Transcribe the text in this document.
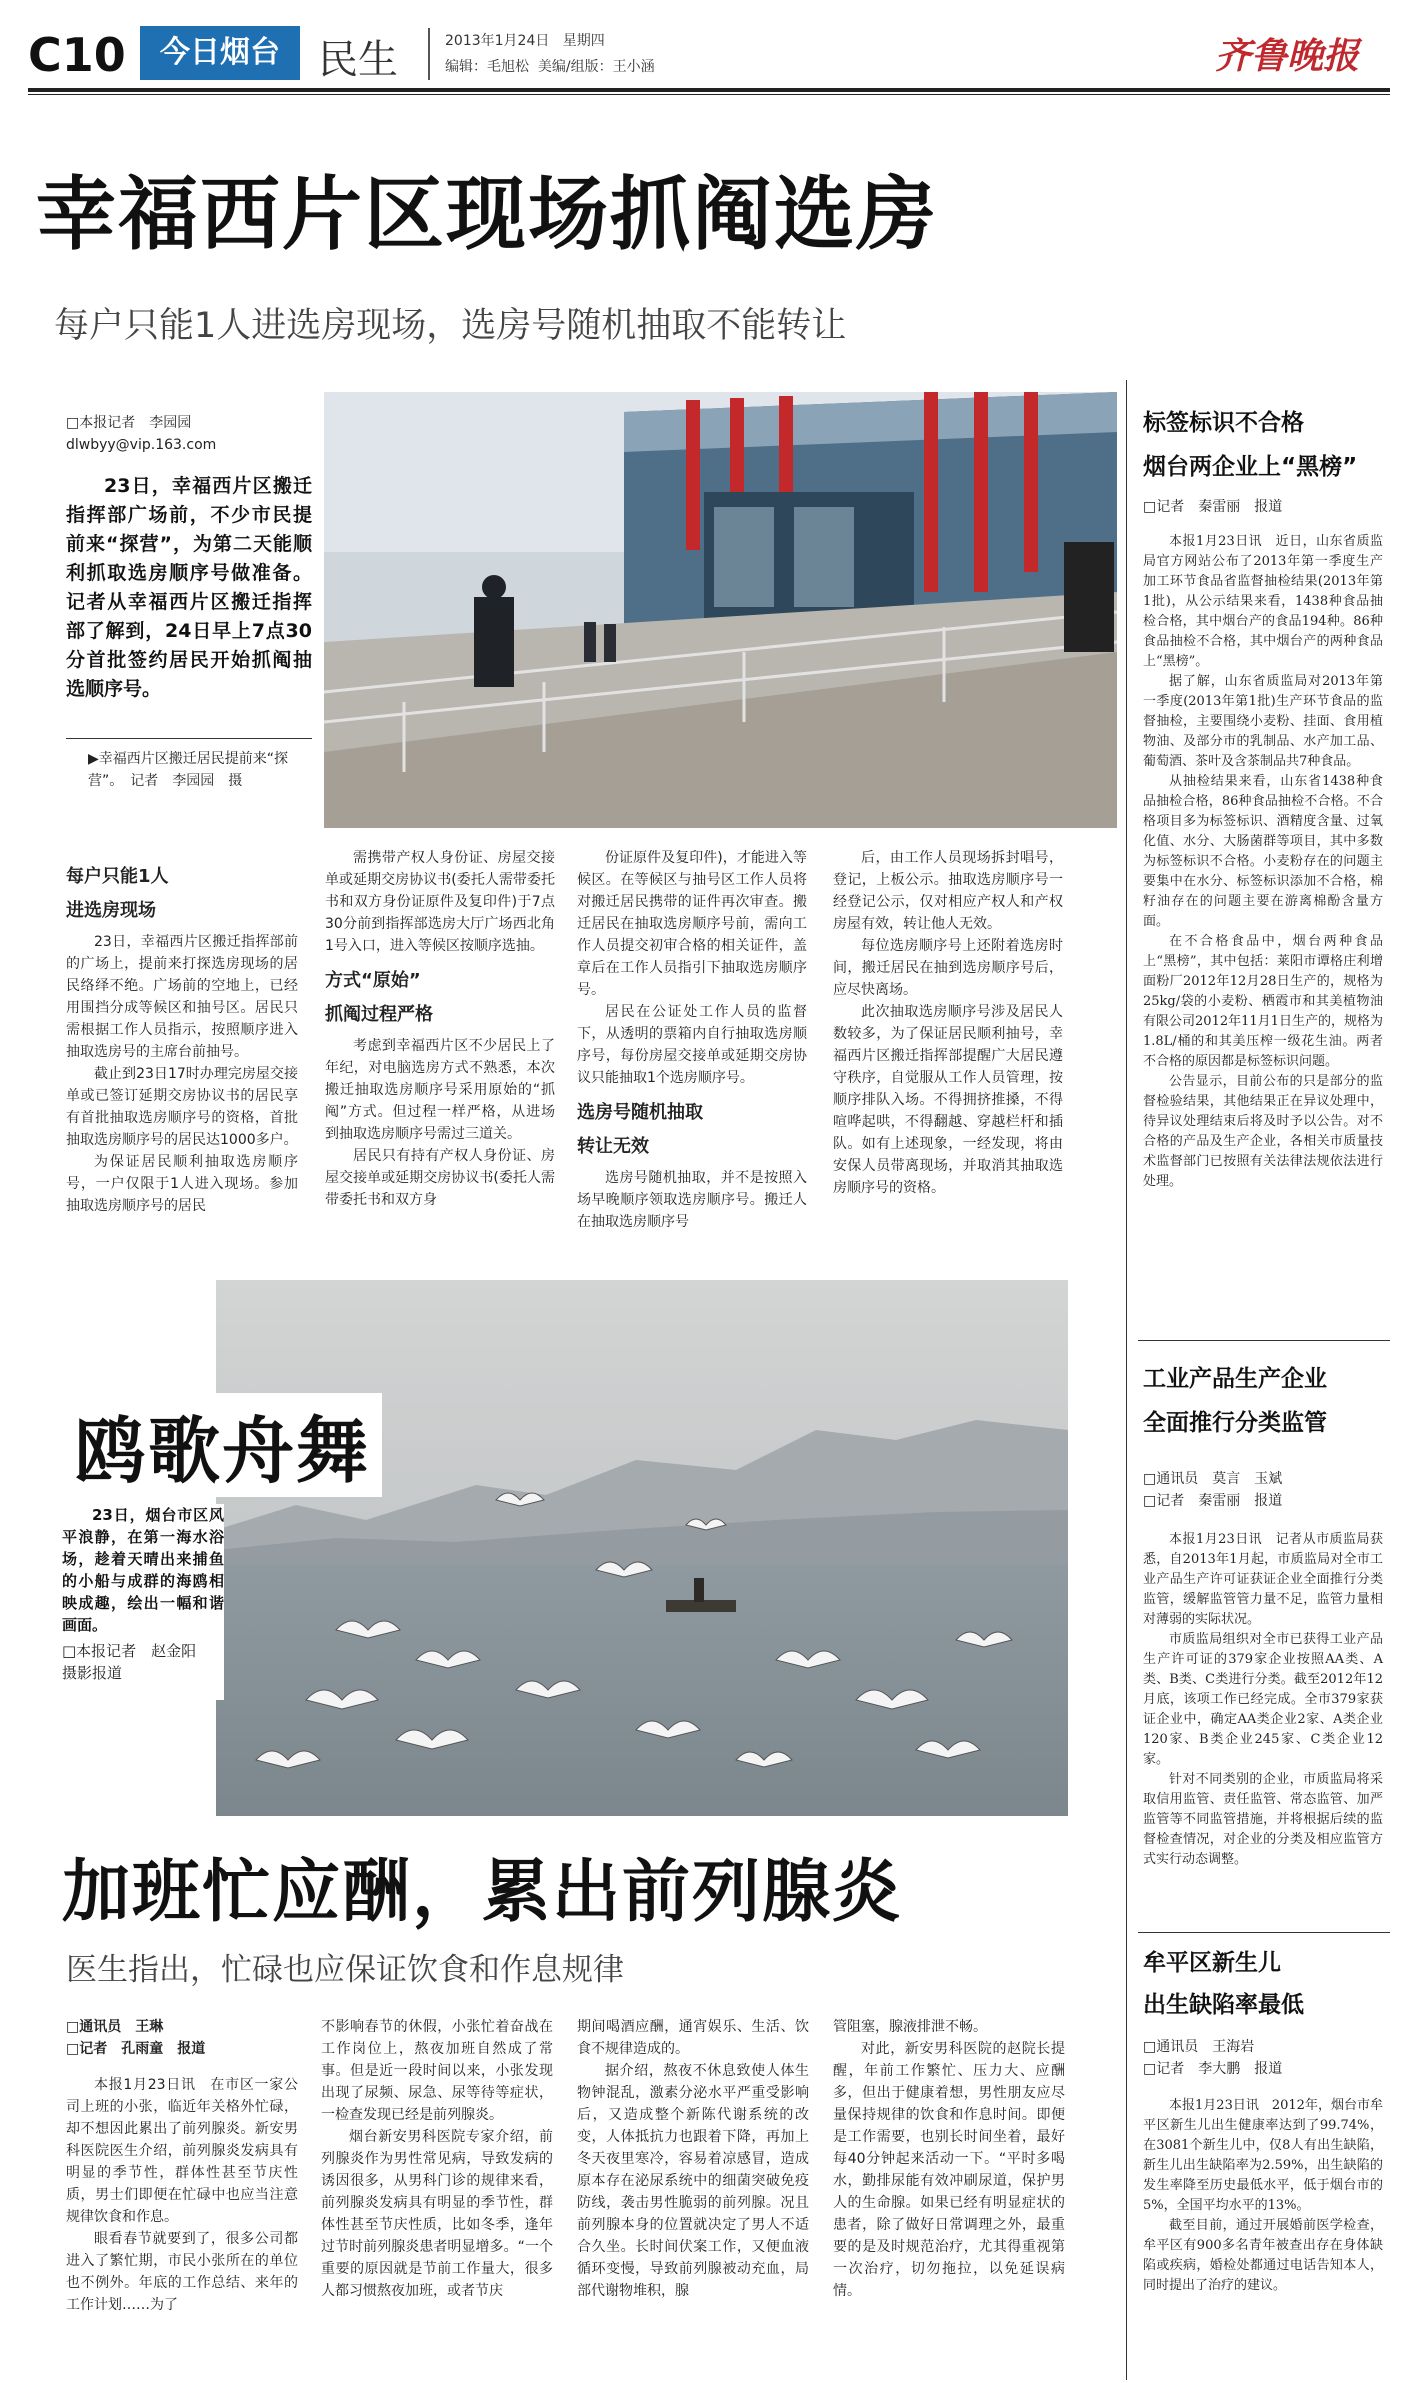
C10	今日烟台 民生	2013年1月24日 星期四
编辑：毛旭松 美编/组版：王小涵	齐鲁晚报
幸福西片区现场抓阄选房
每户只能1人进选房现场，选房号随机抽取不能转让
□本报记者　李园园
dlwbyy@vip.163.com
23日，幸福西片区搬迁指挥部广场前，不少市民提前来“探营”，为第二天能顺利抓取选房顺序号做准备。记者从幸福西片区搬迁指挥部了解到，24日早上7点30分首批签约居民开始抓阄抽选顺序号。
▶幸福西片区搬迁居民提前来“探营”。　记者　李园园　摄
每户只能1人
进选房现场

23日，幸福西片区搬迁指挥部前的广场上，提前来打探选房现场的居民络绎不绝。广场前的空地上，已经用围挡分成等候区和抽号区。居民只需根据工作人员指示，按照顺序进入抽取选房号的主席台前抽号。

截止到23日17时办理完房屋交接单或已签订延期交房协议书的居民享有首批抽取选房顺序号的资格，首批抽取选房顺序号的居民达1000多户。

为保证居民顺利抽取选房顺序号，一户仅限于1人进入现场。参加抽取选房顺序号的居民

需携带产权人身份证、房屋交接单或延期交房协议书(委托人需带委托书和双方身份证原件及复印件)于7点30分前到指挥部选房大厅广场西北角1号入口，进入等候区按顺序选抽。

方式“原始”
抓阄过程严格

考虑到幸福西片区不少居民上了年纪，对电脑选房方式不熟悉，本次搬迁抽取选房顺序号采用原始的“抓阄”方式。但过程一样严格，从进场到抽取选房顺序号需过三道关。

居民只有持有产权人身份证、房屋交接单或延期交房协议书(委托人需带委托书和双方身

份证原件及复印件)，才能进入等候区。在等候区与抽号区工作人员将对搬迁居民携带的证件再次审查。搬迁居民在抽取选房顺序号前，需向工作人员提交初审合格的相关证件，盖章后在工作人员指引下抽取选房顺序号。

居民在公证处工作人员的监督下，从透明的票箱内自行抽取选房顺序号，每份房屋交接单或延期交房协议只能抽取1个选房顺序号。

选房号随机抽取
转让无效

选房号随机抽取，并不是按照入场早晚顺序领取选房顺序号。搬迁人在抽取选房顺序号

后，由工作人员现场拆封唱号，登记，上板公示。抽取选房顺序号一经登记公示，仅对相应产权人和产权房屋有效，转让他人无效。

每位选房顺序号上还附着选房时间，搬迁居民在抽到选房顺序号后，应尽快离场。

此次抽取选房顺序号涉及居民人数较多，为了保证居民顺利抽号，幸福西片区搬迁指挥部提醒广大居民遵守秩序，自觉服从工作人员管理，按顺序排队入场。不得拥挤推搡，不得喧哗起哄，不得翻越、穿越栏杆和插队。如有上述现象，一经发现，将由安保人员带离现场，并取消其抽取选房顺序号的资格。

鸥歌舟舞
23日，烟台市区风平浪静，在第一海水浴场，趁着天晴出来捕鱼的小船与成群的海鸥相映成趣，绘出一幅和谐画面。
□本报记者　赵金阳　摄影报道
加班忙应酬，累出前列腺炎
医生指出，忙碌也应保证饮食和作息规律
□通讯员　王琳
□记者　孔雨童　报道

本报1月23日讯　在市区一家公司上班的小张，临近年关格外忙碌，却不想因此累出了前列腺炎。新安男科医院医生介绍，前列腺炎发病具有明显的季节性，群体性甚至节庆性质，男士们即便在忙碌中也应当注意规律饮食和作息。

眼看春节就要到了，很多公司都进入了繁忙期，市民小张所在的单位也不例外。年底的工作总结、来年的工作计划……为了

不影响春节的休假，小张忙着奋战在工作岗位上，熬夜加班自然成了常事。但是近一段时间以来，小张发现出现了尿频、尿急、尿等待等症状，一检查发现已经是前列腺炎。

烟台新安男科医院专家介绍，前列腺炎作为男性常见病，导致发病的诱因很多，从男科门诊的规律来看，前列腺炎发病具有明显的季节性，群体性甚至节庆性质，比如冬季，逢年过节时前列腺炎患者明显增多。“一个重要的原因就是节前工作量大，很多人都习惯熬夜加班，或者节庆

期间喝酒应酬，通宵娱乐、生活、饮食不规律造成的。

据介绍，熬夜不休息致使人体生物钟混乱，激素分泌水平严重受影响后，又造成整个新陈代谢系统的改变，人体抵抗力也跟着下降，再加上冬天夜里寒冷，容易着凉感冒，造成原本存在泌尿系统中的细菌突破免疫防线，袭击男性脆弱的前列腺。况且前列腺本身的位置就决定了男人不适合久坐。长时间伏案工作，又便血液循环变慢，导致前列腺被动充血，局部代谢物堆积，腺

管阻塞，腺液排泄不畅。

对此，新安男科医院的赵院长提醒，年前工作繁忙、压力大、应酬多，但出于健康着想，男性朋友应尽量保持规律的饮食和作息时间。即便是工作需要，也别长时间坐着，最好每40分钟起来活动一下。“平时多喝水，勤排尿能有效冲刷尿道，保护男人的生命腺。如果已经有明显症状的患者，除了做好日常调理之外，最重要的是及时规范治疗，尤其得重视第一次治疗，切勿拖拉，以免延误病情。

标签标识不合格
烟台两企业上“黑榜”
□记者　秦雷丽　报道

本报1月23日讯　近日，山东省质监局官方网站公布了2013年第一季度生产加工环节食品省监督抽检结果(2013年第1批)，从公示结果来看，1438种食品抽检合格，其中烟台产的食品194种。86种食品抽检不合格，其中烟台产的两种食品上“黑榜”。

据了解，山东省质监局对2013年第一季度(2013年第1批)生产环节食品的监督抽检，主要围绕小麦粉、挂面、食用植物油、及部分市的乳制品、水产加工品、葡萄酒、茶叶及含茶制品共7种食品。

从抽检结果来看，山东省1438种食品抽检合格，86种食品抽检不合格。不合格项目多为标签标识、酒精度含量、过氧化值、水分、大肠菌群等项目，其中多数为标签标识不合格。小麦粉存在的问题主要集中在水分、标签标识添加不合格，棉籽油存在的问题主要在游离棉酚含量方面。

在不合格食品中，烟台两种食品上“黑榜”，其中包括：莱阳市谭格庄利增面粉厂2012年12月28日生产的，规格为25kg/袋的小麦粉、栖霞市和其美植物油有限公司2012年11月1日生产的，规格为1.8L/桶的和其美压榨一级花生油。两者不合格的原因都是标签标识问题。

公告显示，目前公布的只是部分的监督检验结果，其他结果正在异议处理中，待异议处理结束后将及时予以公告。对不合格的产品及生产企业，各相关市质量技术监督部门已按照有关法律法规依法进行处理。

工业产品生产企业
全面推行分类监管
□通讯员　莫言　玉斌
□记者　秦雷丽　报道

本报1月23日讯　记者从市质监局获悉，自2013年1月起，市质监局对全市工业产品生产许可证获证企业全面推行分类监管，缓解监管管力量不足，监管力量相对薄弱的实际状况。

市质监局组织对全市已获得工业产品生产许可证的379家企业按照AA类、A类、B类、C类进行分类。截至2012年12月底，该项工作已经完成。全市379家获证企业中，确定AA类企业2家、A类企业120家、B类企业245家、C类企业12家。

针对不同类别的企业，市质监局将采取信用监管、责任监管、常态监管、加严监管等不同监管措施，并将根据后续的监督检查情况，对企业的分类及相应监管方式实行动态调整。

牟平区新生儿
出生缺陷率最低
□通讯员　王海岩
□记者　李大鹏　报道

本报1月23日讯　2012年，烟台市牟平区新生儿出生健康率达到了99.74%，在3081个新生儿中，仅8人有出生缺陷，新生儿出生缺陷率为2.59%，出生缺陷的发生率降至历史最低水平，低于烟台市的5%，全国平均水平的13%。

截至目前，通过开展婚前医学检查，牟平区有900多名青年被查出存在身体缺陷或疾病，婚检处都通过电话告知本人，同时提出了治疗的建议。
